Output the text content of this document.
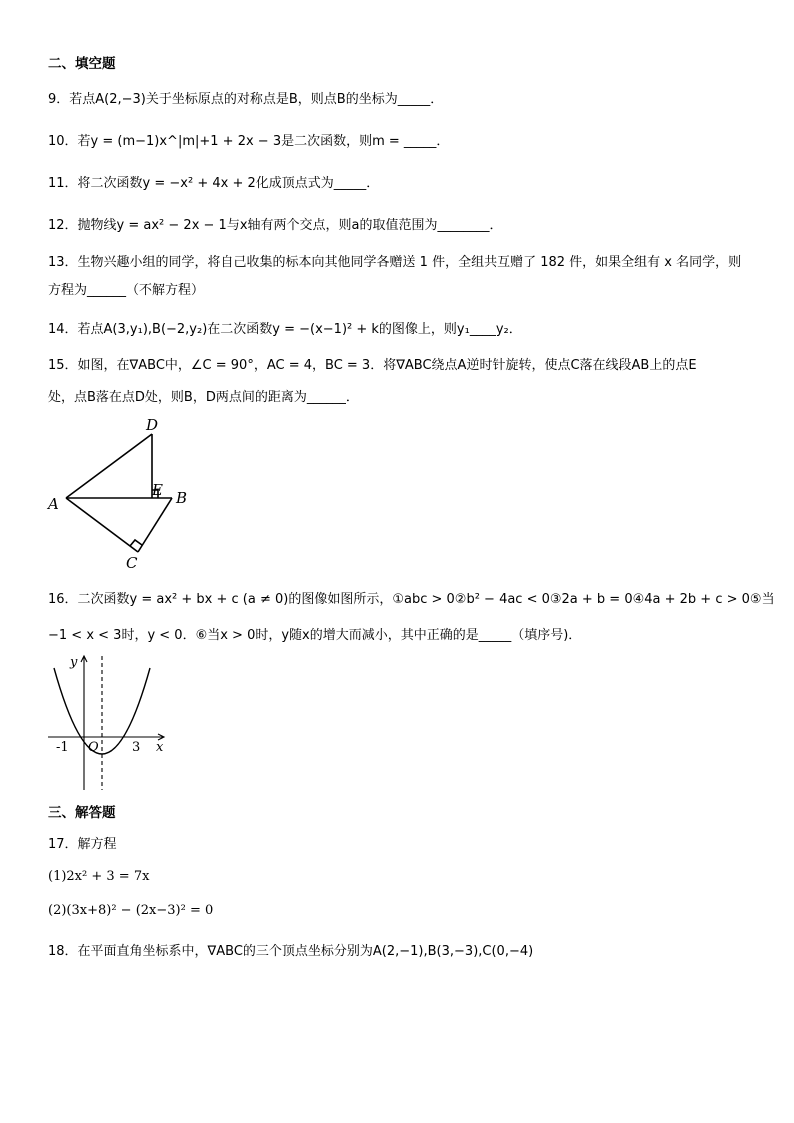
二、填空题
9．若点A(2,−3)关于坐标原点的对称点是B，则点B的坐标为_____．
10．若y = (m−1)x^|m|+1 + 2x − 3是二次函数，则m = _____．
11．将二次函数y = −x² + 4x + 2化成顶点式为_____．
12．抛物线y = ax² − 2x − 1与x轴有两个交点，则a的取值范围为________．
13．生物兴趣小组的同学，将自己收集的标本向其他同学各赠送 1 件，全组共互赠了 182 件，如果全组有 x 名同学，则方程为______（不解方程）
14．若点A(3,y₁),B(−2,y₂)在二次函数y = −(x−1)² + k的图像上，则y₁____y₂．
15．如图，在∇ABC中，∠C = 90°，AC = 4，BC = 3．将∇ABC绕点A逆时针旋转，使点C落在线段AB上的点E
处，点B落在点D处，则B，D两点间的距离为______．
D
E
A	B
C
16．二次函数y = ax² + bx + c (a ≠ 0)的图像如图所示，①abc > 0②b² − 4ac < 0③2a + b = 0④4a + 2b + c > 0⑤当
−1 < x < 3时，y < 0．⑥当x > 0时，y随x的增大而减小，其中正确的是_____（填序号)．
y
x
-1 O	3
三、解答题
17．解方程
(1)2x² + 3 = 7x
(2)(3x+8)² − (2x−3)² = 0
18．在平面直角坐标系中，∇ABC的三个顶点坐标分别为A(2,−1),B(3,−3),C(0,−4)
